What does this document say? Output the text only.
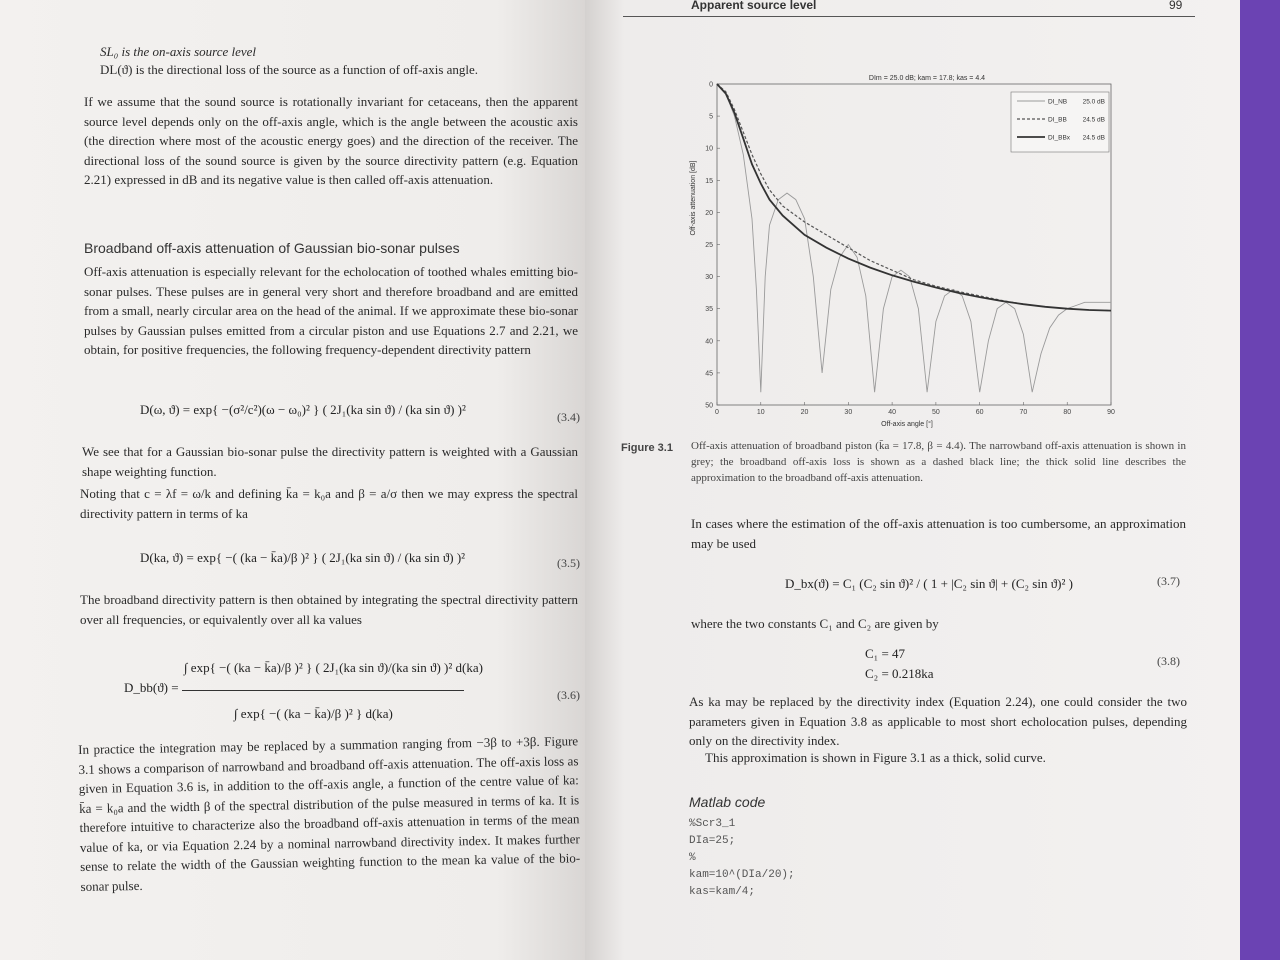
SL₀ is the on-axis source level
DL(ϑ) is the directional loss of the source as a function of off-axis angle.

If we assume that the sound source is rotationally invariant for cetaceans, then the apparent source level depends only on the off-axis angle, which is the angle between the acoustic axis (the direction where most of the acoustic energy goes) and the direction of the receiver. The directional loss of the sound source is given by the source directivity pattern (e.g. Equation 2.21) expressed in dB and its negative value is then called off-axis attenuation.

Broadband off-axis attenuation of Gaussian bio-sonar pulses

Off-axis attenuation is especially relevant for the echolocation of toothed whales emitting bio-sonar pulses. These pulses are in general very short and therefore broadband and are emitted from a small, nearly circular area on the head of the animal. If we approximate these bio-sonar pulses by Gaussian pulses emitted from a circular piston and use Equations 2.7 and 2.21, we obtain, for positive frequencies, the following frequency-dependent directivity pattern

D(ω, ϑ) = exp{ −(σ²/c²)(ω − ω₀)² } ( 2J₁(ka sin ϑ) / (ka sin ϑ) )²	(3.4)

We see that for a Gaussian bio-sonar pulse the directivity pattern is weighted with a Gaussian shape weighting function.

Noting that c = λf = ω/k and defining k̄a = k₀a and β = a/σ then we may express the spectral directivity pattern in terms of ka

D(ka, ϑ) = exp{ −( (ka − k̄a)/β )² } ( 2J₁(ka sin ϑ) / (ka sin ϑ) )²	(3.5)

The broadband directivity pattern is then obtained by integrating the spectral directivity pattern over all frequencies, or equivalently over all ka values

D_bb(ϑ) =
∫ exp{ −( (ka − k̄a)/β )² } ( 2J₁(ka sin ϑ)/(ka sin ϑ) )² d(ka)
∫ exp{ −( (ka − k̄a)/β )² } d(ka)
(3.6)

In practice the integration may be replaced by a summation ranging from −3β to +3β. Figure 3.1 shows a comparison of narrowband and broadband off-axis attenuation. The off-axis loss as given in Equation 3.6 is, in addition to the off-axis angle, a function of the centre value of ka: k̄a = k₀a and the width β of the spectral distribution of the pulse measured in terms of ka. It is therefore intuitive to characterize also the broadband off-axis attenuation in terms of the mean value of ka, or via Equation 2.24 by a nominal narrowband directivity index. It makes further sense to relate the width of the Gaussian weighting function to the mean ka value of the bio-sonar pulse.

Apparent source level	99
DIm = 25.0 dB; kam = 17.8; kas = 4.4
0	10	20	30	40	50	60	70	80	90
0
5
10
15
20
25
30
35
40
45
50
DI_NB 25.0 dB
DI_BB 24.5 dB
DI_BBx 24.5 dB
Off-axis angle [°]
Off-axis attenuation [dB]
Figure 3.1 Off-axis attenuation of broadband piston (k̄a = 17.8, β = 4.4). The narrowband off-axis attenuation is shown in grey; the broadband off-axis loss is shown as a dashed black line; the thick solid line describes the approximation to the broadband off-axis attenuation.

In cases where the estimation of the off-axis attenuation is too cumbersome, an approximation may be used

D_bx(ϑ) = C₁ (C₂ sin ϑ)² / ( 1 + |C₂ sin ϑ| + (C₂ sin ϑ)² )	(3.7)

where the two constants C₁ and C₂ are given by

C₁ = 47
C₂ = 0.218ka
(3.8)

As ka may be replaced by the directivity index (Equation 2.24), one could consider the two parameters given in Equation 3.8 as applicable to most short echolocation pulses, depending only on the directivity index.

This approximation is shown in Figure 3.1 as a thick, solid curve.

Matlab code
%Scr3_1
DIa=25;
%
kam=10^(DIa/20);
kas=kam/4;
